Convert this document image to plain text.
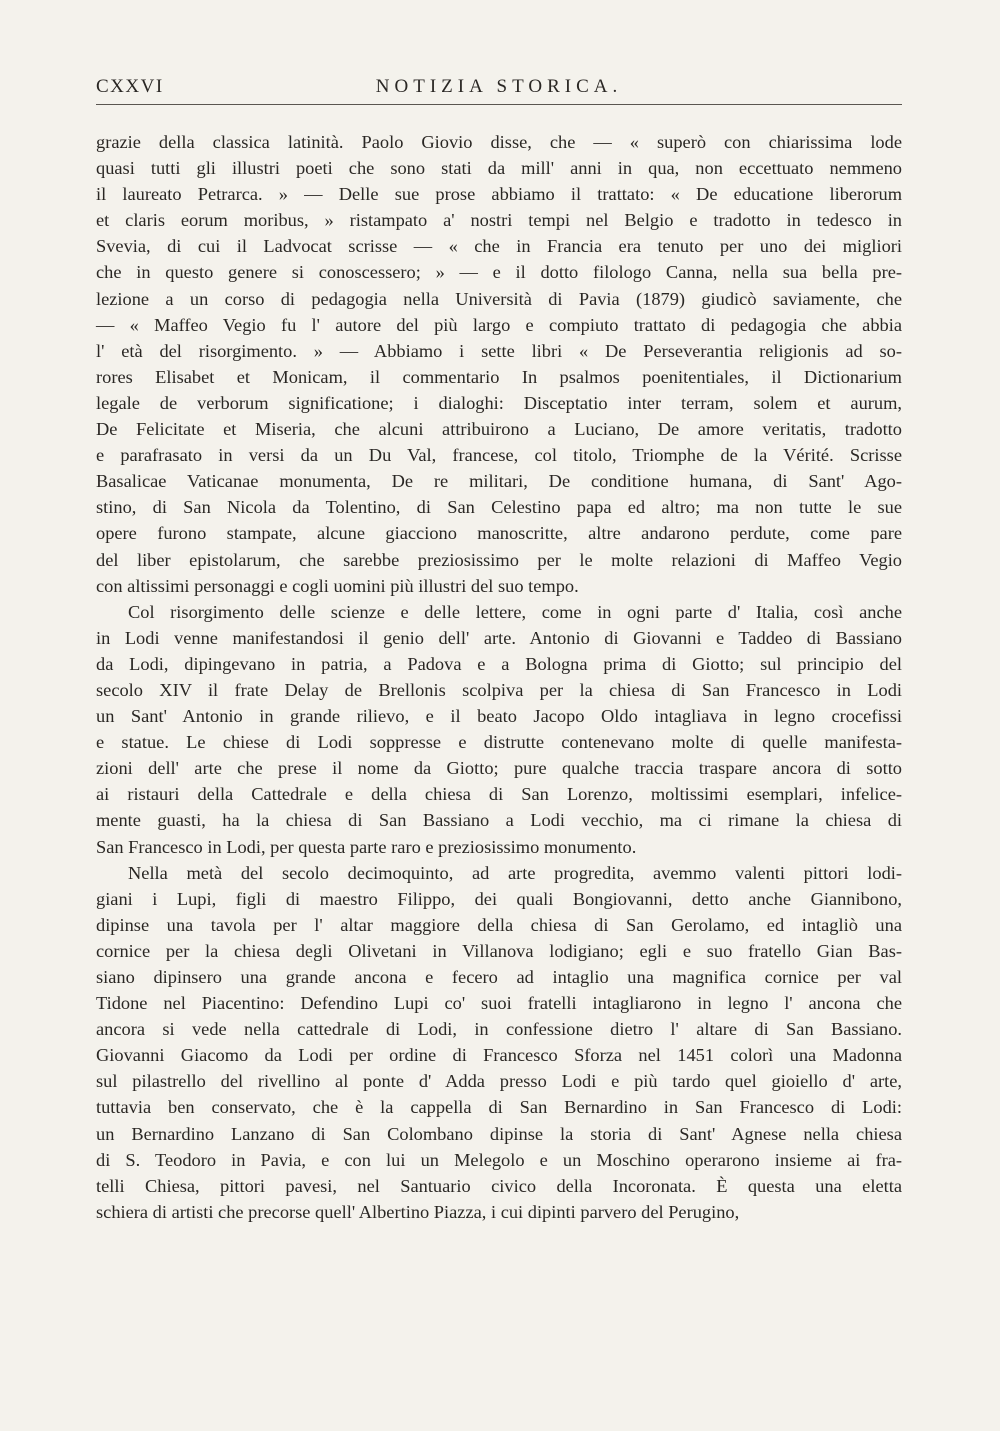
CXXVI	NOTIZIA STORICA.
grazie della classica latinità. Paolo Giovio disse, che — « superò con chiarissima lode
quasi tutti gli illustri poeti che sono stati da mill' anni in qua, non eccettuato nemmeno
il laureato Petrarca. » — Delle sue prose abbiamo il trattato: « De educatione liberorum
et claris eorum moribus, » ristampato a' nostri tempi nel Belgio e tradotto in tedesco in
Svevia, di cui il Ladvocat scrisse — « che in Francia era tenuto per uno dei migliori
che in questo genere si conoscessero; » — e il dotto filologo Canna, nella sua bella pre-
lezione a un corso di pedagogia nella Università di Pavia (1879) giudicò saviamente, che
— « Maffeo Vegio fu l' autore del più largo e compiuto trattato di pedagogia che abbia
l' età del risorgimento. » — Abbiamo i sette libri « De Perseverantia religionis ad so-
rores Elisabet et Monicam, il commentario In psalmos poenitentiales, il Dictionarium
legale de verborum significatione; i dialoghi: Disceptatio inter terram, solem et aurum,
De Felicitate et Miseria, che alcuni attribuirono a Luciano, De amore veritatis, tradotto
e parafrasato in versi da un Du Val, francese, col titolo, Triomphe de la Vérité. Scrisse
Basalicae Vaticanae monumenta, De re militari, De conditione humana, di Sant' Ago-
stino, di San Nicola da Tolentino, di San Celestino papa ed altro; ma non tutte le sue
opere furono stampate, alcune giacciono manoscritte, altre andarono perdute, come pare
del liber epistolarum, che sarebbe preziosissimo per le molte relazioni di Maffeo Vegio
con altissimi personaggi e cogli uomini più illustri del suo tempo.
Col risorgimento delle scienze e delle lettere, come in ogni parte d' Italia, così anche
in Lodi venne manifestandosi il genio dell' arte. Antonio di Giovanni e Taddeo di Bassiano
da Lodi, dipingevano in patria, a Padova e a Bologna prima di Giotto; sul principio del
secolo XIV il frate Delay de Brellonis scolpiva per la chiesa di San Francesco in Lodi
un Sant' Antonio in grande rilievo, e il beato Jacopo Oldo intagliava in legno crocefissi
e statue. Le chiese di Lodi soppresse e distrutte contenevano molte di quelle manifesta-
zioni dell' arte che prese il nome da Giotto; pure qualche traccia traspare ancora di sotto
ai ristauri della Cattedrale e della chiesa di San Lorenzo, moltissimi esemplari, infelice-
mente guasti, ha la chiesa di San Bassiano a Lodi vecchio, ma ci rimane la chiesa di
San Francesco in Lodi, per questa parte raro e preziosissimo monumento.
Nella metà del secolo decimoquinto, ad arte progredita, avemmo valenti pittori lodi-
giani i Lupi, figli di maestro Filippo, dei quali Bongiovanni, detto anche Giannibono,
dipinse una tavola per l' altar maggiore della chiesa di San Gerolamo, ed intagliò una
cornice per la chiesa degli Olivetani in Villanova lodigiano; egli e suo fratello Gian Bas-
siano dipinsero una grande ancona e fecero ad intaglio una magnifica cornice per val
Tidone nel Piacentino: Defendino Lupi co' suoi fratelli intagliarono in legno l' ancona che
ancora si vede nella cattedrale di Lodi, in confessione dietro l' altare di San Bassiano.
Giovanni Giacomo da Lodi per ordine di Francesco Sforza nel 1451 colorì una Madonna
sul pilastrello del rivellino al ponte d' Adda presso Lodi e più tardo quel gioiello d' arte,
tuttavia ben conservato, che è la cappella di San Bernardino in San Francesco di Lodi:
un Bernardino Lanzano di San Colombano dipinse la storia di Sant' Agnese nella chiesa
di S. Teodoro in Pavia, e con lui un Melegolo e un Moschino operarono insieme ai fra-
telli Chiesa, pittori pavesi, nel Santuario civico della Incoronata. È questa una eletta
schiera di artisti che precorse quell' Albertino Piazza, i cui dipinti parvero del Perugino,
